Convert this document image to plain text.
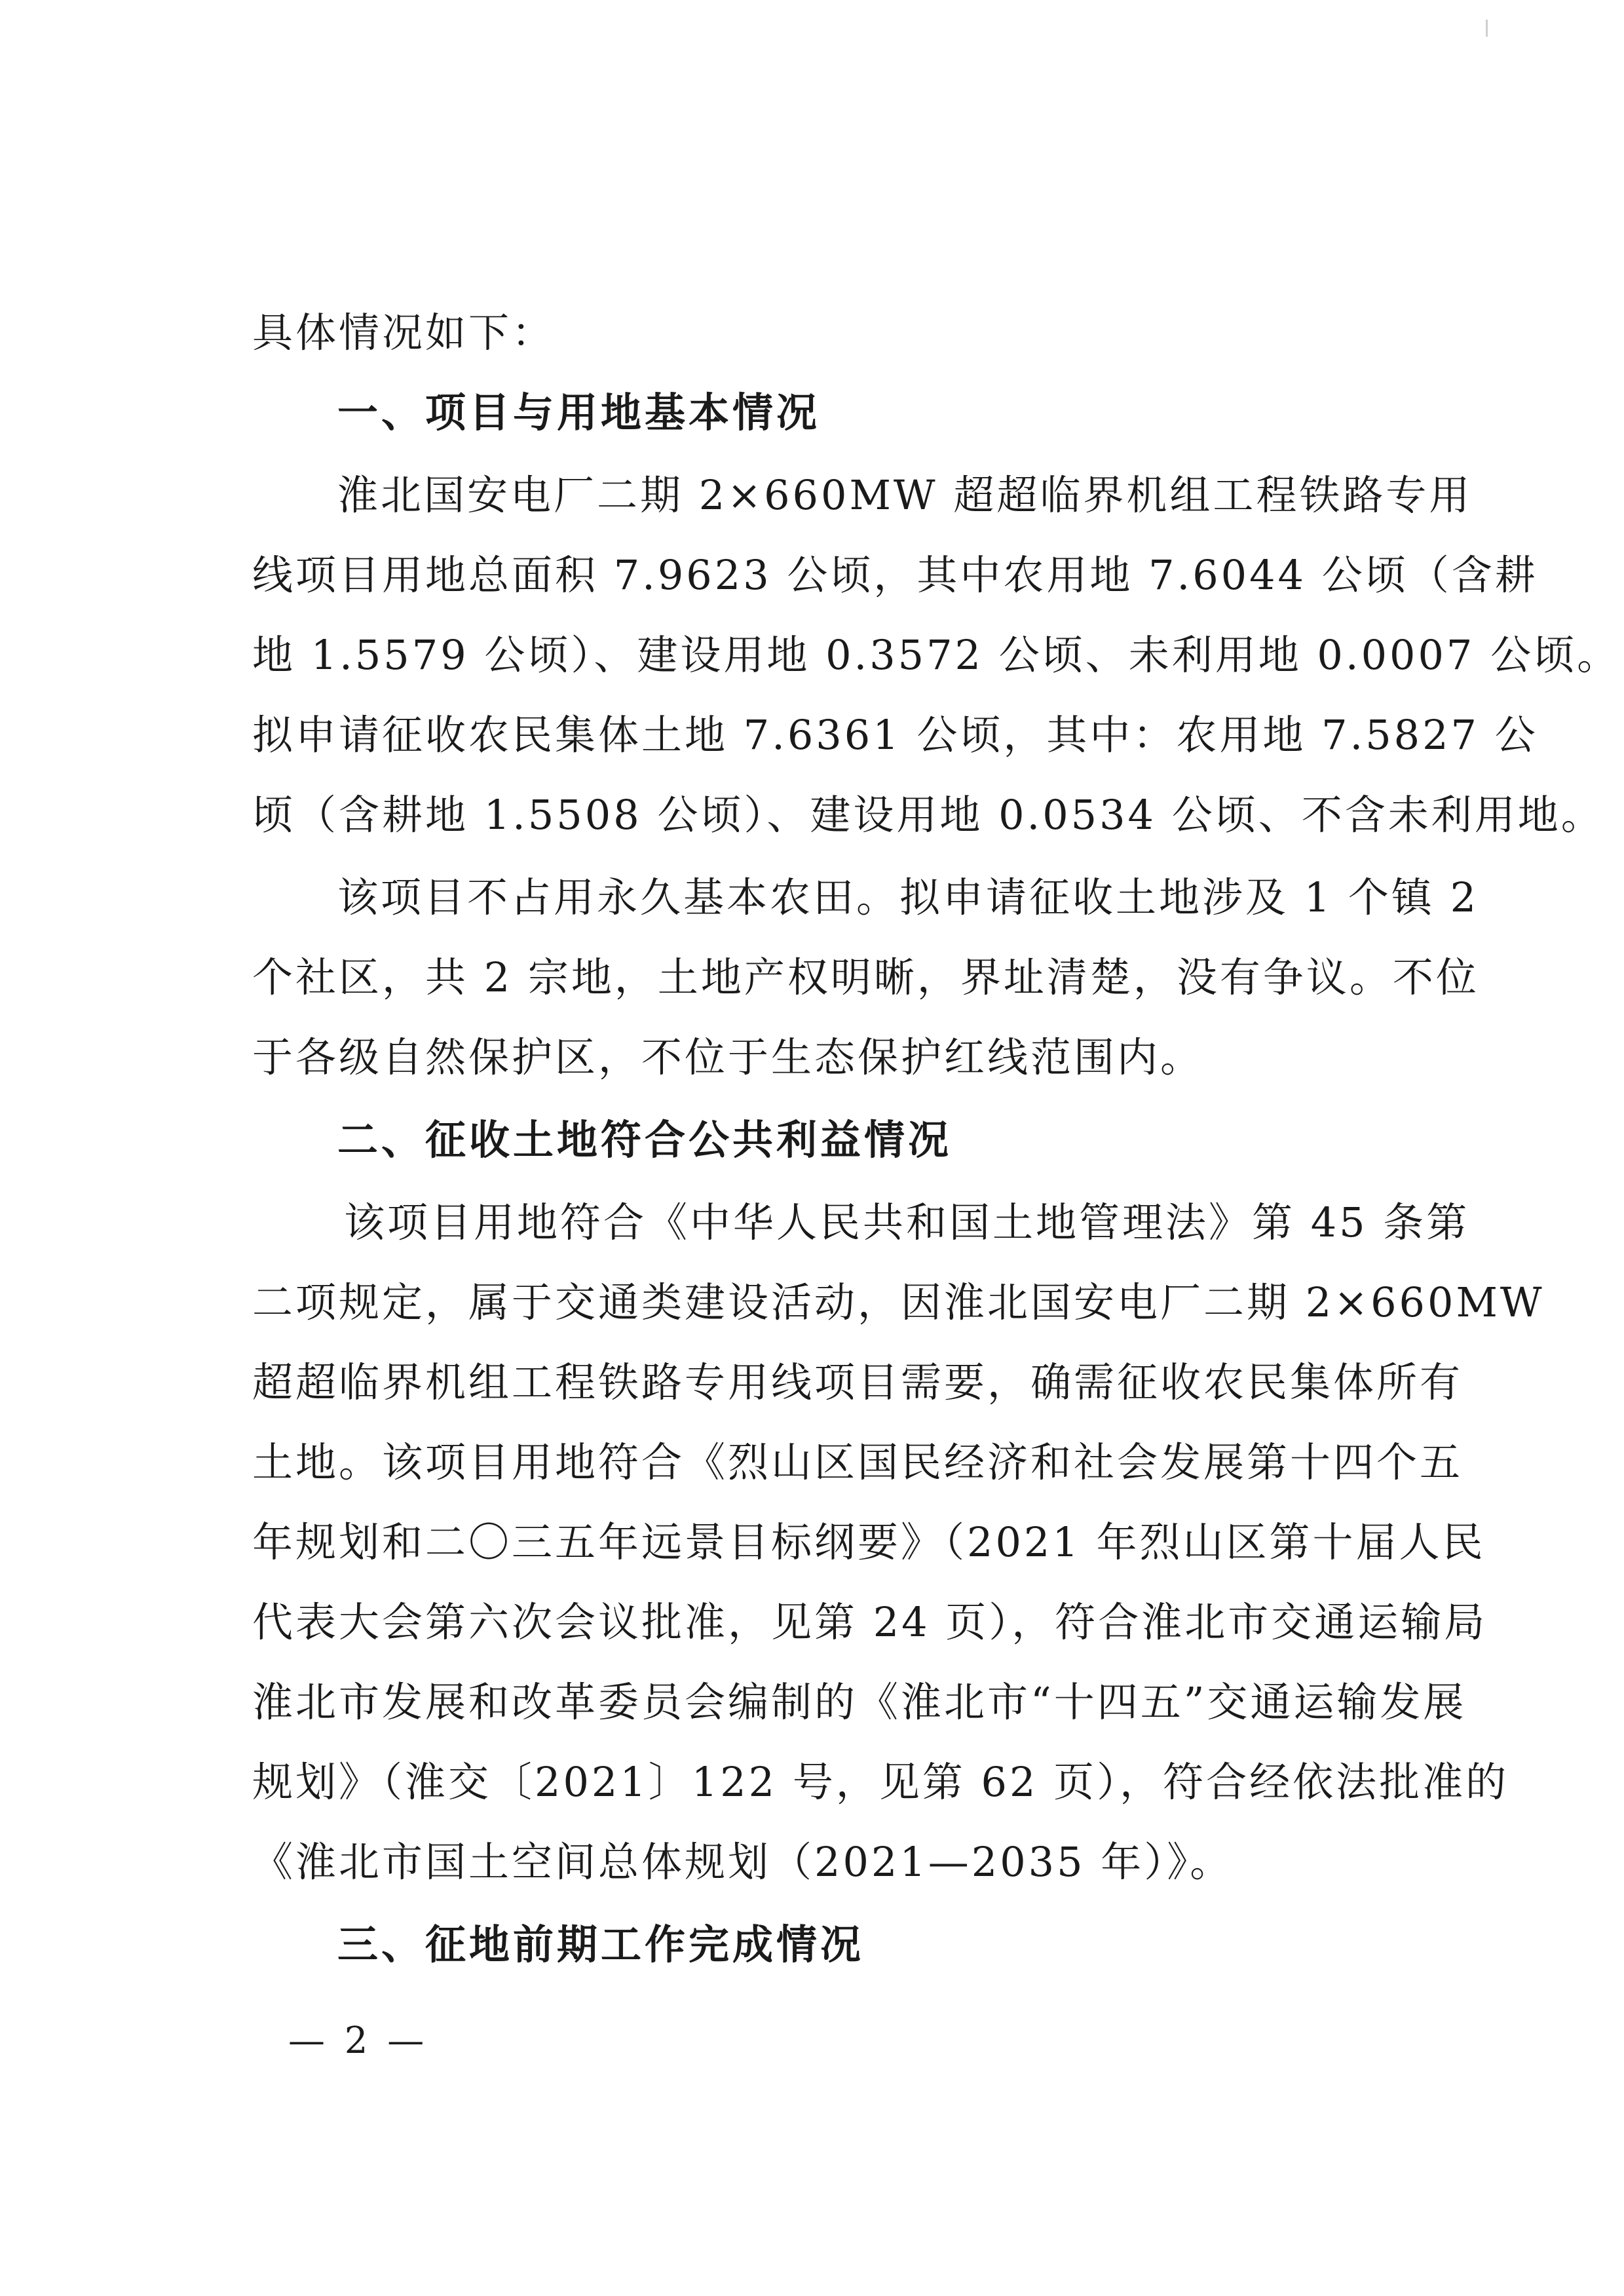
具体情况如下：
一、项目与用地基本情况
淮北国安电厂二期 2×660MW 超超临界机组工程铁路专用
线项目用地总面积 7.9623 公顷，其中农用地 7.6044 公顷（含耕
地 1.5579 公顷）、建设用地 0.3572 公顷、未利用地 0.0007 公顷。
拟申请征收农民集体土地 7.6361 公顷，其中：农用地 7.5827 公
顷（含耕地 1.5508 公顷）、建设用地 0.0534 公顷、不含未利用地。
该项目不占用永久基本农田。拟申请征收土地涉及 1 个镇 2
个社区，共 2 宗地，土地产权明晰，界址清楚，没有争议。不位
于各级自然保护区，不位于生态保护红线范围内。
二、征收土地符合公共利益情况
该项目用地符合《中华人民共和国土地管理法》第 45 条第
二项规定，属于交通类建设活动，因淮北国安电厂二期 2×660MW
超超临界机组工程铁路专用线项目需要，确需征收农民集体所有
土地。该项目用地符合《烈山区国民经济和社会发展第十四个五
年规划和二〇三五年远景目标纲要》（2021 年烈山区第十届人民
代表大会第六次会议批准，见第 24 页），符合淮北市交通运输局
淮北市发展和改革委员会编制的《淮北市“十四五”交通运输发展
规划》（淮交〔2021〕122 号，见第 62 页），符合经依法批准的
《淮北市国土空间总体规划（2021—2035 年）》。
三、征地前期工作完成情况
— 2 —
